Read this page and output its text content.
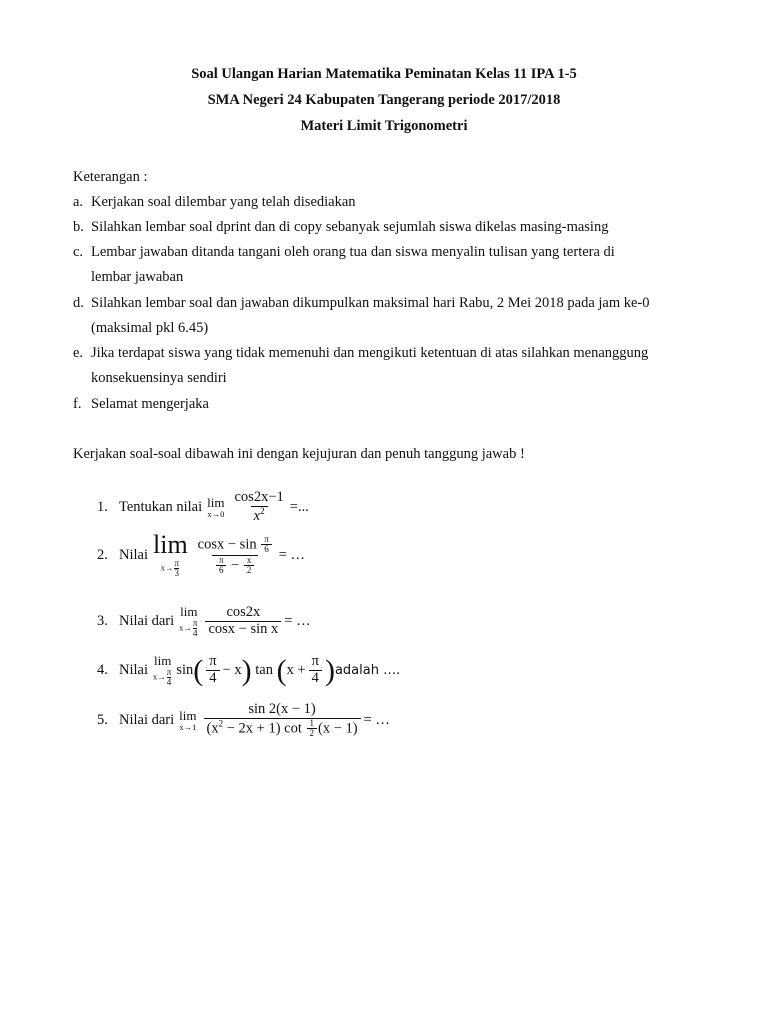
Soal Ulangan Harian Matematika Peminatan Kelas 11 IPA 1-5
SMA Negeri 24 Kabupaten Tangerang periode 2017/2018
Materi Limit Trigonometri
Keterangan :
a. Kerjakan soal dilembar yang telah disediakan
b. Silahkan lembar soal dprint dan di copy sebanyak sejumlah siswa dikelas masing-masing
c. Lembar jawaban ditanda tangani oleh orang tua dan siswa menyalin tulisan yang tertera di
lembar jawaban
d. Silahkan lembar soal dan jawaban dikumpulkan maksimal hari Rabu, 2 Mei 2018 pada jam ke-0
(maksimal pkl 6.45)
e. Jika terdapat siswa yang tidak memenuhi dan mengikuti ketentuan di atas silahkan menanggung
konsekuensinya sendiri
f. Selamat mengerjaka
Kerjakan soal-soal dibawah ini dengan kejujuran dan penuh tanggung jawab !
1. Tentukan nilai lim
$x\to 0 \frac{\cos 2x-1}{x^2}$ =...
2. Nilai lim
$x\to \frac{\pi}{3} \frac{\cos x - \sin \frac{\pi}{6}}{\frac{\pi}{6} - \frac{x}{2}}$ = …
3. Nilai dari
lim
$x\to \frac{\pi}{4} \frac{\cos 2x}{\text{cosx − sin x}}$ = …
4. Nilai
lim
$x\to \frac{\pi}{4}$ sin ( $\frac{\pi}{4} - x$ )
tan
( $x + \frac{\pi}{4}$ ) adalah ….
5. Nilai dari lim
$x\to 1 \frac{\sin 2(x - 1)}{(x^2 - 2x + 1) \cot \frac{1}{2} (x - 1)}$ = …
